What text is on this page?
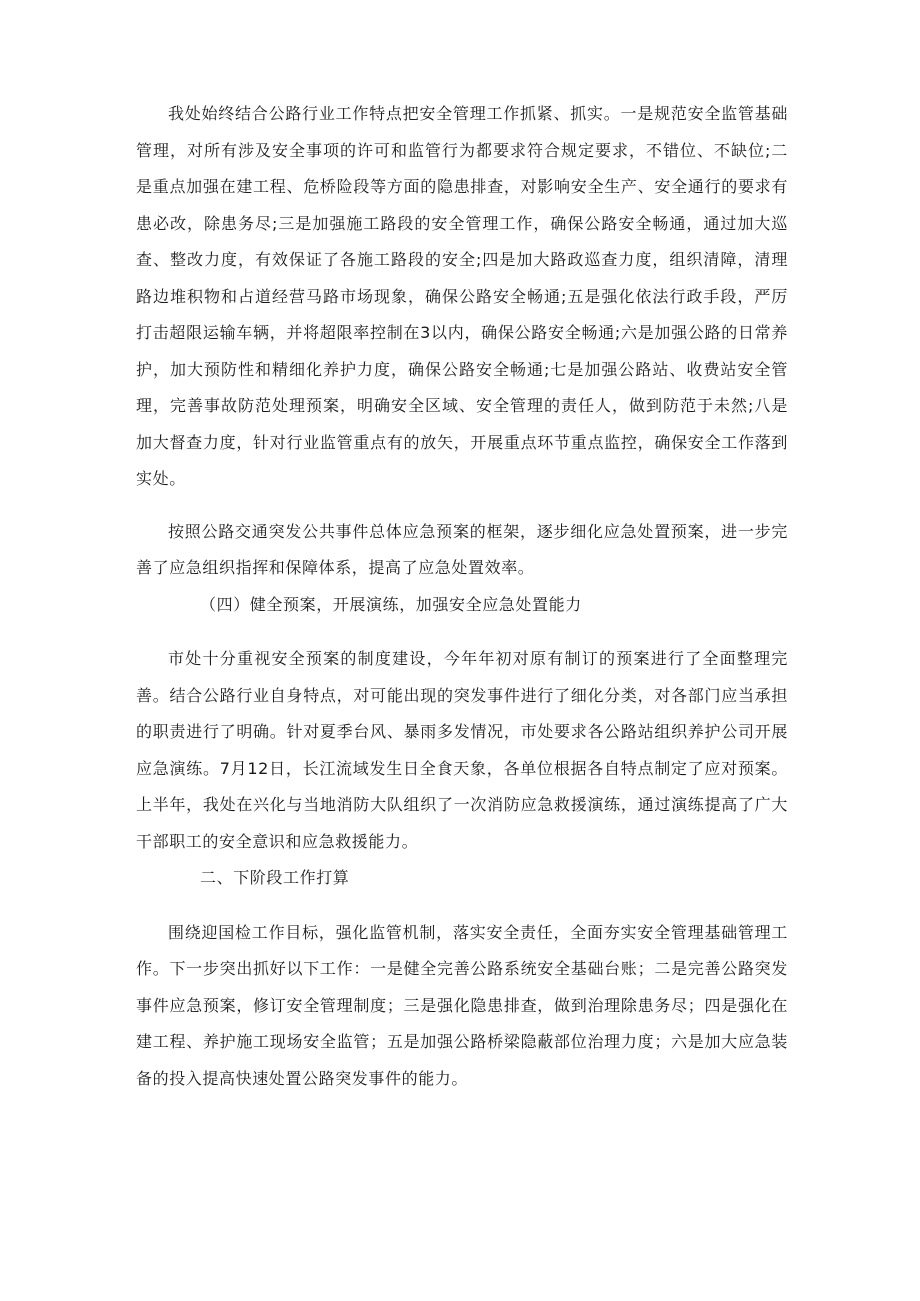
我处始终结合公路行业工作特点把安全管理工作抓紧、抓实。一是规范安全监管基础管理，对所有涉及安全事项的许可和监管行为都要求符合规定要求，不错位、不缺位;二是重点加强在建工程、危桥险段等方面的隐患排查，对影响安全生产、安全通行的要求有患必改，除患务尽;三是加强施工路段的安全管理工作，确保公路安全畅通，通过加大巡查、整改力度，有效保证了各施工路段的安全;四是加大路政巡查力度，组织清障，清理路边堆积物和占道经营马路市场现象，确保公路安全畅通;五是强化依法行政手段，严厉打击超限运输车辆，并将超限率控制在3以内，确保公路安全畅通;六是加强公路的日常养护，加大预防性和精细化养护力度，确保公路安全畅通;七是加强公路站、收费站安全管理，完善事故防范处理预案，明确安全区域、安全管理的责任人，做到防范于未然;八是加大督查力度，针对行业监管重点有的放矢，开展重点环节重点监控，确保安全工作落到实处。

按照公路交通突发公共事件总体应急预案的框架，逐步细化应急处置预案，进一步完善了应急组织指挥和保障体系，提高了应急处置效率。

（四）健全预案，开展演练，加强安全应急处置能力

市处十分重视安全预案的制度建设，今年年初对原有制订的预案进行了全面整理完善。结合公路行业自身特点，对可能出现的突发事件进行了细化分类，对各部门应当承担的职责进行了明确。针对夏季台风、暴雨多发情况，市处要求各公路站组织养护公司开展应急演练。7月12日，长江流域发生日全食天象，各单位根据各自特点制定了应对预案。上半年，我处在兴化与当地消防大队组织了一次消防应急救援演练，通过演练提高了广大干部职工的安全意识和应急救援能力。

二、下阶段工作打算

围绕迎国检工作目标，强化监管机制，落实安全责任，全面夯实安全管理基础管理工作。下一步突出抓好以下工作：一是健全完善公路系统安全基础台账；二是完善公路突发事件应急预案，修订安全管理制度；三是强化隐患排查，做到治理除患务尽；四是强化在建工程、养护施工现场安全监管；五是加强公路桥梁隐蔽部位治理力度；六是加大应急装备的投入提高快速处置公路突发事件的能力。
